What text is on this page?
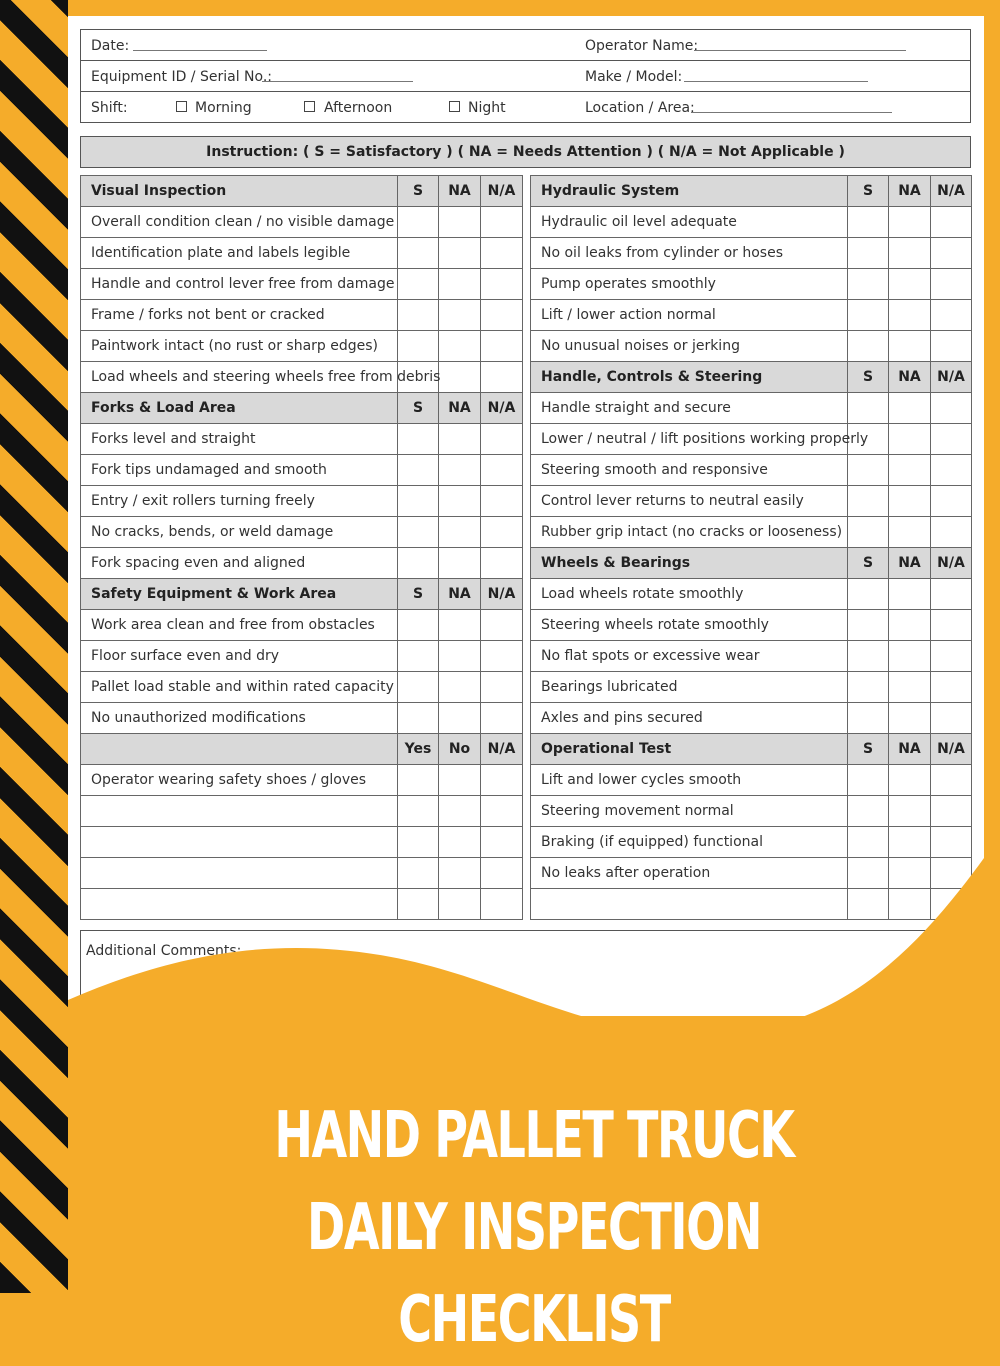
Date:	Operator Name:
Equipment ID / Serial No.:	Make / Model:
Shift:	Morning	Afternoon	Night	Location / Area:
Instruction: ( S = Satisfactory ) ( NA = Needs Attention ) ( N/A = Not Applicable )
Visual Inspection	S	NA	N/A
Overall condition clean / no visible damage			
Identification plate and labels legible			
Handle and control lever free from damage			
Frame / forks not bent or cracked			
Paintwork intact (no rust or sharp edges)			
Load wheels and steering wheels free from debris			
Forks & Load Area	S	NA	N/A
Forks level and straight			
Fork tips undamaged and smooth			
Entry / exit rollers turning freely			
No cracks, bends, or weld damage			
Fork spacing even and aligned			
Safety Equipment & Work Area	S	NA	N/A
Work area clean and free from obstacles			
Floor surface even and dry			
Pallet load stable and within rated capacity			
No unauthorized modifications			
	Yes	No	N/A
Operator wearing safety shoes / gloves			

Hydraulic System	S	NA	N/A
Hydraulic oil level adequate			
No oil leaks from cylinder or hoses			
Pump operates smoothly			
Lift / lower action normal			
No unusual noises or jerking			
Handle, Controls & Steering	S	NA	N/A
Handle straight and secure			
Lower / neutral / lift positions working properly			
Steering smooth and responsive			
Control lever returns to neutral easily			
Rubber grip intact (no cracks or looseness)			
Wheels & Bearings	S	NA	N/A
Load wheels rotate smoothly			
Steering wheels rotate smoothly			
No flat spots or excessive wear			
Bearings lubricated			
Axles and pins secured			
Operational Test	S	NA	N/A
Lift and lower cycles smooth			
Steering movement normal			
Braking (if equipped) functional			
No leaks after operation			

Additional Comments:
HAND PALLET TRUCK DAILY INSPECTION
CHECKLIST
